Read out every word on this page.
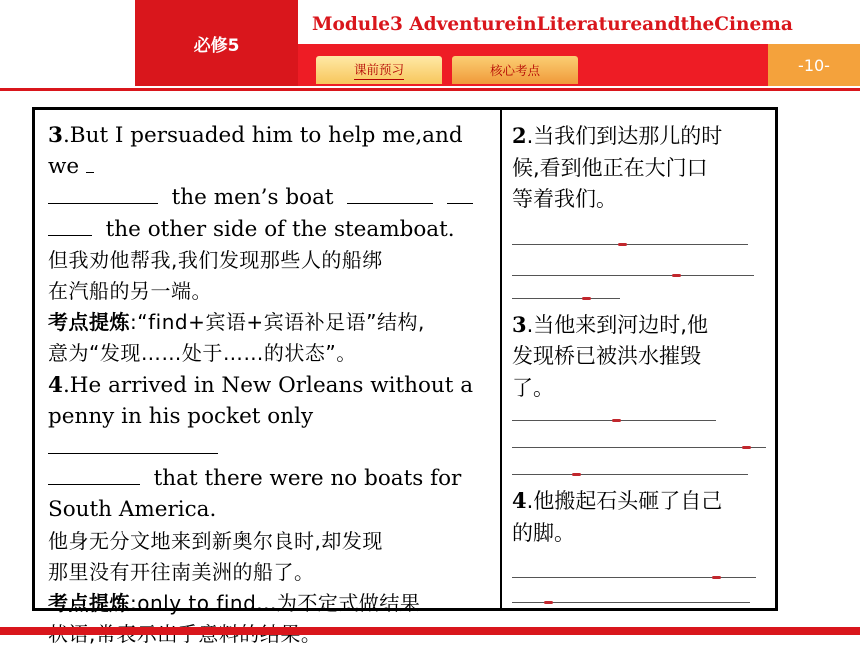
必修5
Module3 AdventureinLiteratureandtheCinema
课前预习	核心考点	-10-

3.But I persuaded him to help me,and we

the men’s boat

the other side of the steamboat.

但我劝他帮我,我们发现那些人的船绑

在汽船的另一端。

考点提炼:“find+宾语+宾语补足语”结构,

意为“发现……处于……的状态”。

4.He arrived in New Orleans without a

penny in his pocket only

that there were no boats for

South America.

他身无分文地来到新奥尔良时,却发现

那里没有开往南美洲的船了。

考点提炼:only to find...为不定式做结果

2.当我们到达那儿的时

候,看到他正在大门口

等着我们。

3.当他来到河边时,他

发现桥已被洪水摧毁

了。

4.他搬起石头砸了自己

的脚。
